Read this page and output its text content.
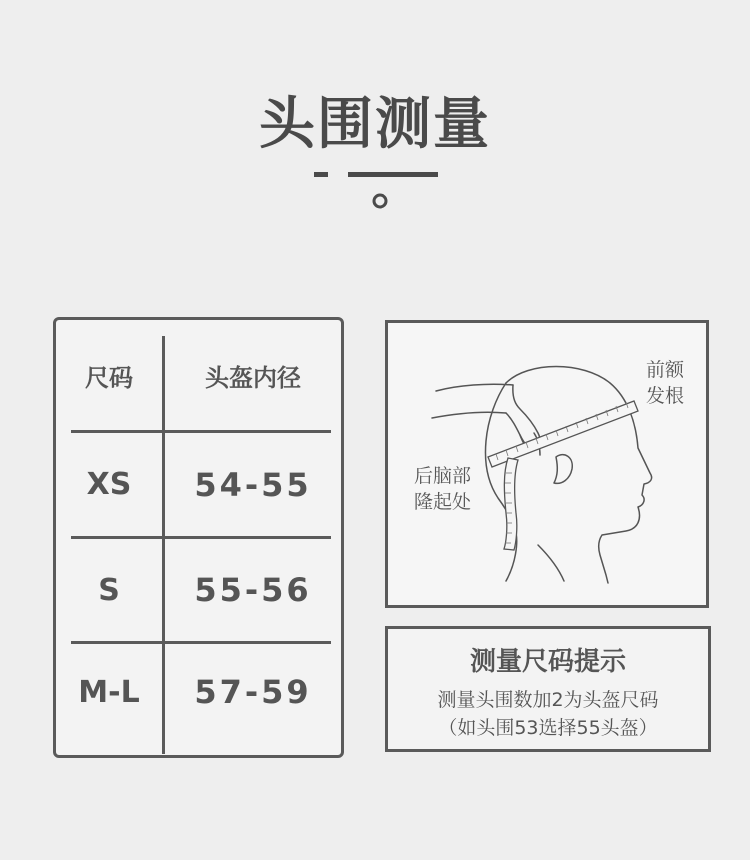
头围测量
尺码	头盔内径
XS	54-55
S	55-56
M-L	57-59
前额
发根
后脑部
隆起处
测量尺码提示
测量头围数加2为头盔尺码
（如头围53选择55头盔）
